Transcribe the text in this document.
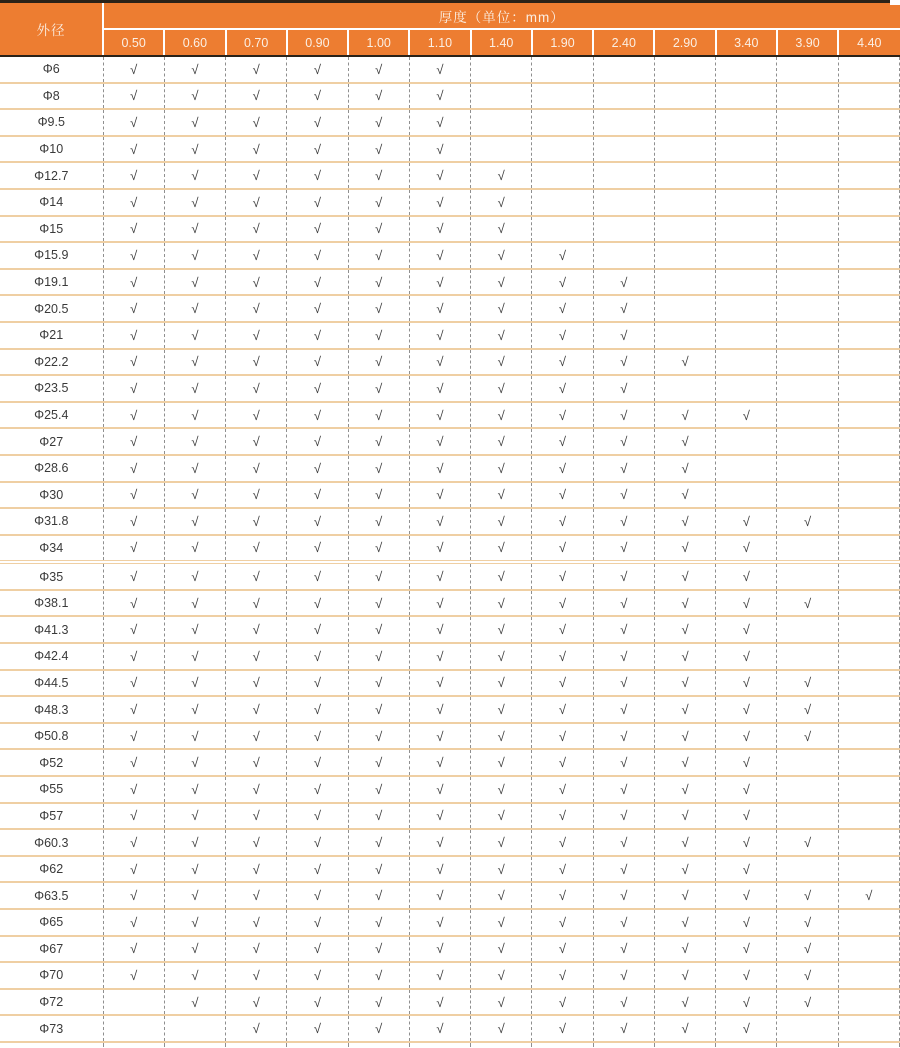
外径	厚度（单位：mm）												
	0.50	0.60	0.70	0.90	1.00	1.10	1.40	1.90	2.40	2.90	3.40	3.90	4.40
Φ6	√	√	√	√	√	√							
Φ8	√	√	√	√	√	√							
Φ9.5	√	√	√	√	√	√							
Φ10	√	√	√	√	√	√							
Φ12.7	√	√	√	√	√	√	√						
Φ14	√	√	√	√	√	√	√						
Φ15	√	√	√	√	√	√	√						
Φ15.9	√	√	√	√	√	√	√	√					
Φ19.1	√	√	√	√	√	√	√	√	√				
Φ20.5	√	√	√	√	√	√	√	√	√				
Φ21	√	√	√	√	√	√	√	√	√				
Φ22.2	√	√	√	√	√	√	√	√	√	√			
Φ23.5	√	√	√	√	√	√	√	√	√				
Φ25.4	√	√	√	√	√	√	√	√	√	√	√		
Φ27	√	√	√	√	√	√	√	√	√	√			
Φ28.6	√	√	√	√	√	√	√	√	√	√			
Φ30	√	√	√	√	√	√	√	√	√	√			
Φ31.8	√	√	√	√	√	√	√	√	√	√	√	√	
Φ34	√	√	√	√	√	√	√	√	√	√	√		
Φ35	√	√	√	√	√	√	√	√	√	√	√		
Φ38.1	√	√	√	√	√	√	√	√	√	√	√	√	
Φ41.3	√	√	√	√	√	√	√	√	√	√	√		
Φ42.4	√	√	√	√	√	√	√	√	√	√	√		
Φ44.5	√	√	√	√	√	√	√	√	√	√	√	√	
Φ48.3	√	√	√	√	√	√	√	√	√	√	√	√	
Φ50.8	√	√	√	√	√	√	√	√	√	√	√	√	
Φ52	√	√	√	√	√	√	√	√	√	√	√		
Φ55	√	√	√	√	√	√	√	√	√	√	√		
Φ57	√	√	√	√	√	√	√	√	√	√	√		
Φ60.3	√	√	√	√	√	√	√	√	√	√	√	√	
Φ62	√	√	√	√	√	√	√	√	√	√	√		
Φ63.5	√	√	√	√	√	√	√	√	√	√	√	√	√
Φ65	√	√	√	√	√	√	√	√	√	√	√	√	
Φ67	√	√	√	√	√	√	√	√	√	√	√	√	
Φ70	√	√	√	√	√	√	√	√	√	√	√	√	
Φ72		√	√	√	√	√	√	√	√	√	√	√	
Φ73			√	√	√	√	√	√	√	√	√		
